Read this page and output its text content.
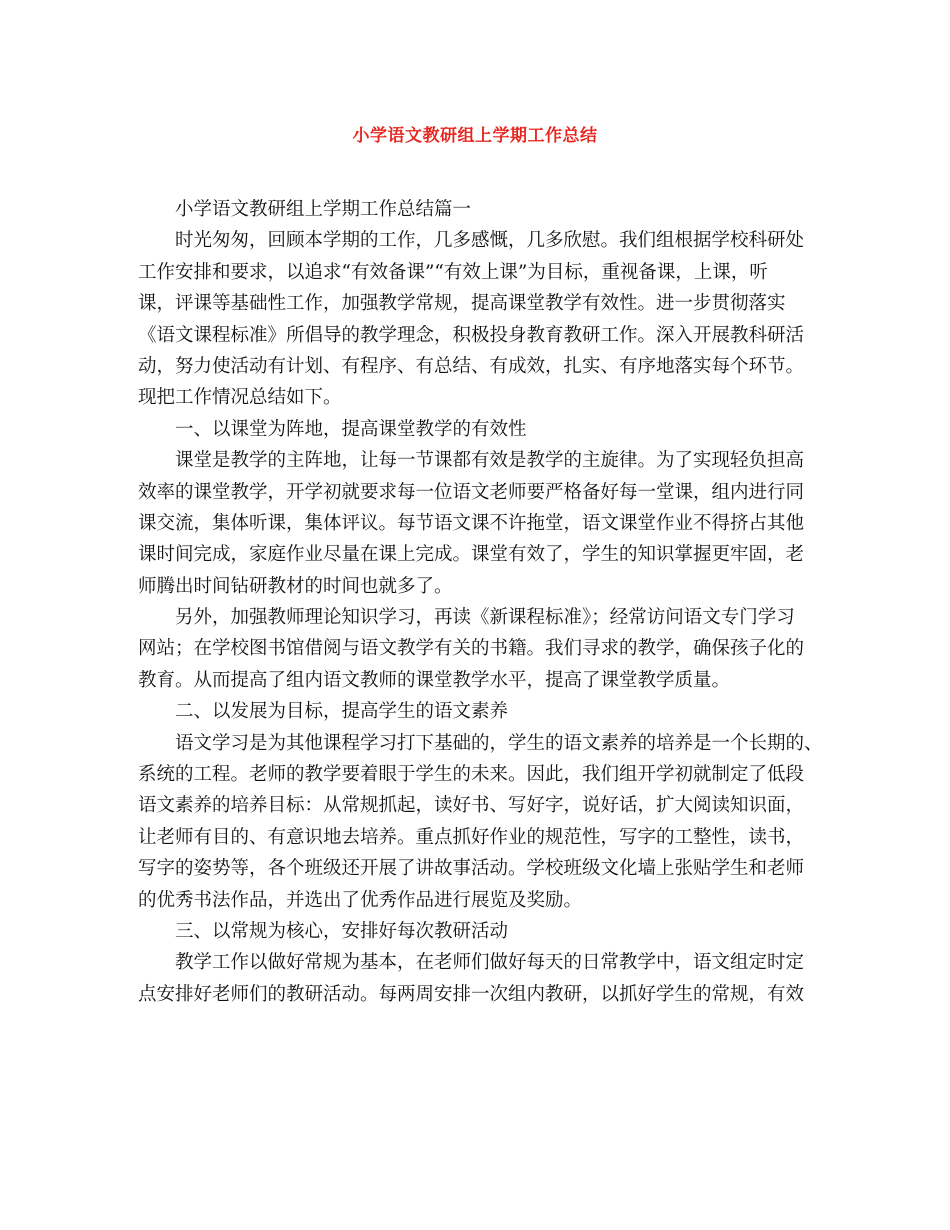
小学语文教研组上学期工作总结
小学语文教研组上学期工作总结篇一
时光匆匆，回顾本学期的工作，几多感慨，几多欣慰。我们组根据学校科研处
工作安排和要求，以追求“有效备课”“有效上课”为目标，重视备课，上课，听
课，评课等基础性工作，加强教学常规，提高课堂教学有效性。进一步贯彻落实
《语文课程标准》所倡导的教学理念，积极投身教育教研工作。深入开展教科研活
动，努力使活动有计划、有程序、有总结、有成效，扎实、有序地落实每个环节。
现把工作情况总结如下。
一、以课堂为阵地，提高课堂教学的有效性
课堂是教学的主阵地，让每一节课都有效是教学的主旋律。为了实现轻负担高
效率的课堂教学，开学初就要求每一位语文老师要严格备好每一堂课，组内进行同
课交流，集体听课，集体评议。每节语文课不许拖堂，语文课堂作业不得挤占其他
课时间完成，家庭作业尽量在课上完成。课堂有效了，学生的知识掌握更牢固，老
师腾出时间钻研教材的时间也就多了。
另外，加强教师理论知识学习，再读《新课程标准》；经常访问语文专门学习
网站；在学校图书馆借阅与语文教学有关的书籍。我们寻求的教学，确保孩子化的
教育。从而提高了组内语文教师的课堂教学水平，提高了课堂教学质量。
二、以发展为目标，提高学生的语文素养
语文学习是为其他课程学习打下基础的，学生的语文素养的培养是一个长期的、
系统的工程。老师的教学要着眼于学生的未来。因此，我们组开学初就制定了低段
语文素养的培养目标：从常规抓起，读好书、写好字，说好话，扩大阅读知识面，
让老师有目的、有意识地去培养。重点抓好作业的规范性，写字的工整性，读书，
写字的姿势等，各个班级还开展了讲故事活动。学校班级文化墙上张贴学生和老师
的优秀书法作品，并选出了优秀作品进行展览及奖励。
三、以常规为核心，安排好每次教研活动
教学工作以做好常规为基本，在老师们做好每天的日常教学中，语文组定时定
点安排好老师们的教研活动。每两周安排一次组内教研，以抓好学生的常规，有效
